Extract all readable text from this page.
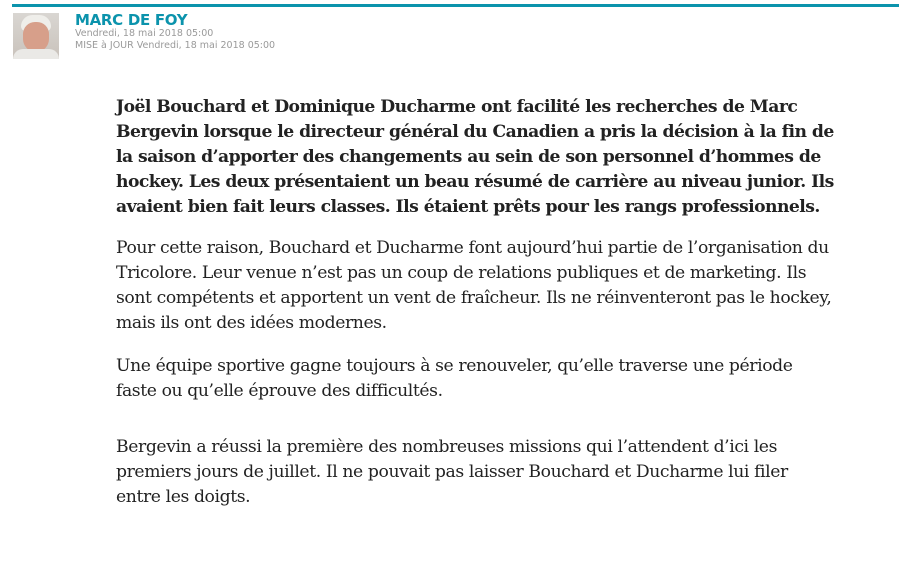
MARC DE FOY
Vendredi, 18 mai 2018 05:00
MISE à JOUR Vendredi, 18 mai 2018 05:00

Joël Bouchard et Dominique Ducharme ont facilité les recherches de Marc Bergevin lorsque le directeur général du Canadien a pris la décision à la fin de la saison d’apporter des changements au sein de son personnel d’hommes de hockey. Les deux présentaient un beau résumé de carrière au niveau junior. Ils avaient bien fait leurs classes. Ils étaient prêts pour les rangs professionnels.

Pour cette raison, Bouchard et Ducharme font aujourd’hui partie de l’organisation du Tricolore. Leur venue n’est pas un coup de relations publiques et de marketing. Ils sont compétents et apportent un vent de fraîcheur. Ils ne réinventeront pas le hockey, mais ils ont des idées modernes.

Une équipe sportive gagne toujours à se renouveler, qu’elle traverse une période faste ou qu’elle éprouve des difficultés.

Bergevin a réussi la première des nombreuses missions qui l’attendent d’ici les premiers jours de juillet. Il ne pouvait pas laisser Bouchard et Ducharme lui filer entre les doigts.
